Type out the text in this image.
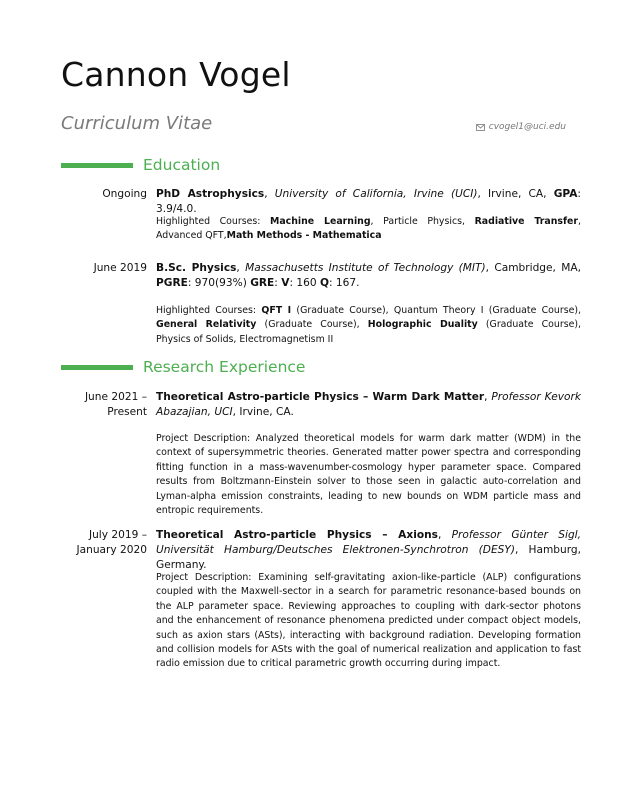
Cannon Vogel
Curriculum Vitae	cvogel1@uci.edu
Education
Ongoing PhD Astrophysics, University of California, Irvine (UCI), Irvine, CA, GPA: 3.9/4.0.
Highlighted Courses: Machine Learning, Particle Physics, Radiative Transfer, Advanced QFT,Math Methods - Mathematica
June 2019 B.Sc. Physics, Massachusetts Institute of Technology (MIT), Cambridge, MA, PGRE: 970(93%) GRE: V: 160 Q: 167.
Highlighted Courses: QFT I (Graduate Course), Quantum Theory I (Graduate Course), General Relativity (Graduate Course), Holographic Duality (Graduate Course), Physics of Solids, Electromagnetism II
Research Experience
June 2021 –
Present
Theoretical Astro-particle Physics – Warm Dark Matter, Professor Kevork Abazajian, UCI, Irvine, CA.
Project Description: Analyzed theoretical models for warm dark matter (WDM) in the context of supersymmetric theories. Generated matter power spectra and corresponding fitting function in a mass-wavenumber-cosmology hyper parameter space. Compared results from Boltzmann-Einstein solver to those seen in galactic auto-correlation and Lyman-alpha emission constraints, leading to new bounds on WDM particle mass and entropic requirements.
July 2019 –
January 2020
Theoretical Astro-particle Physics – Axions, Professor Günter Sigl, Universität Hamburg/Deutsches Elektronen-Synchrotron (DESY), Hamburg, Germany.
Project Description: Examining self-gravitating axion-like-particle (ALP) configurations coupled with the Maxwell-sector in a search for parametric resonance-based bounds on the ALP parameter space. Reviewing approaches to coupling with dark-sector photons and the enhancement of resonance phenomena predicted under compact object models, such as axion stars (ASts), interacting with background radiation. Developing formation and collision models for ASts with the goal of numerical realization and application to fast radio emission due to critical parametric growth occurring during impact.
